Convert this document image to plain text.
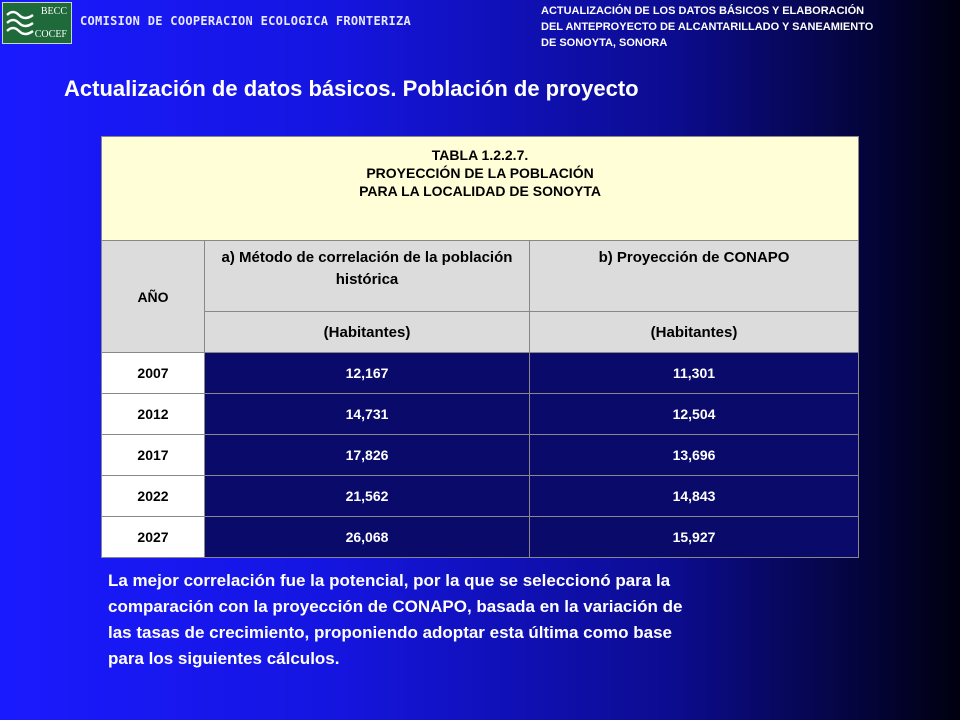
BECC
COCEF
COMISION DE COOPERACION ECOLOGICA FRONTERIZA
ACTUALIZACIÓN DE LOS DATOS BÁSICOS Y ELABORACIÓN
DEL ANTEPROYECTO DE ALCANTARILLADO Y SANEAMIENTO
DE SONOYTA, SONORA
Actualización de datos básicos. Población de proyecto
TABLA 1.2.2.7.
PROYECCIÓN DE LA POBLACIÓN
PARA LA LOCALIDAD DE SONOYTA		

AÑO	a) Método de correlación de la población histórica	b) Proyección de CONAPO
	(Habitantes)	(Habitantes)
2007	12,167	11,301
2012	14,731	12,504
2017	17,826	13,696
2022	21,562	14,843
2027	26,068	15,927

La mejor correlación fue la potencial, por la que se seleccionó para la
comparación con la proyección de CONAPO, basada en la variación de
las tasas de crecimiento, proponiendo adoptar esta última como base
para los siguientes cálculos.
